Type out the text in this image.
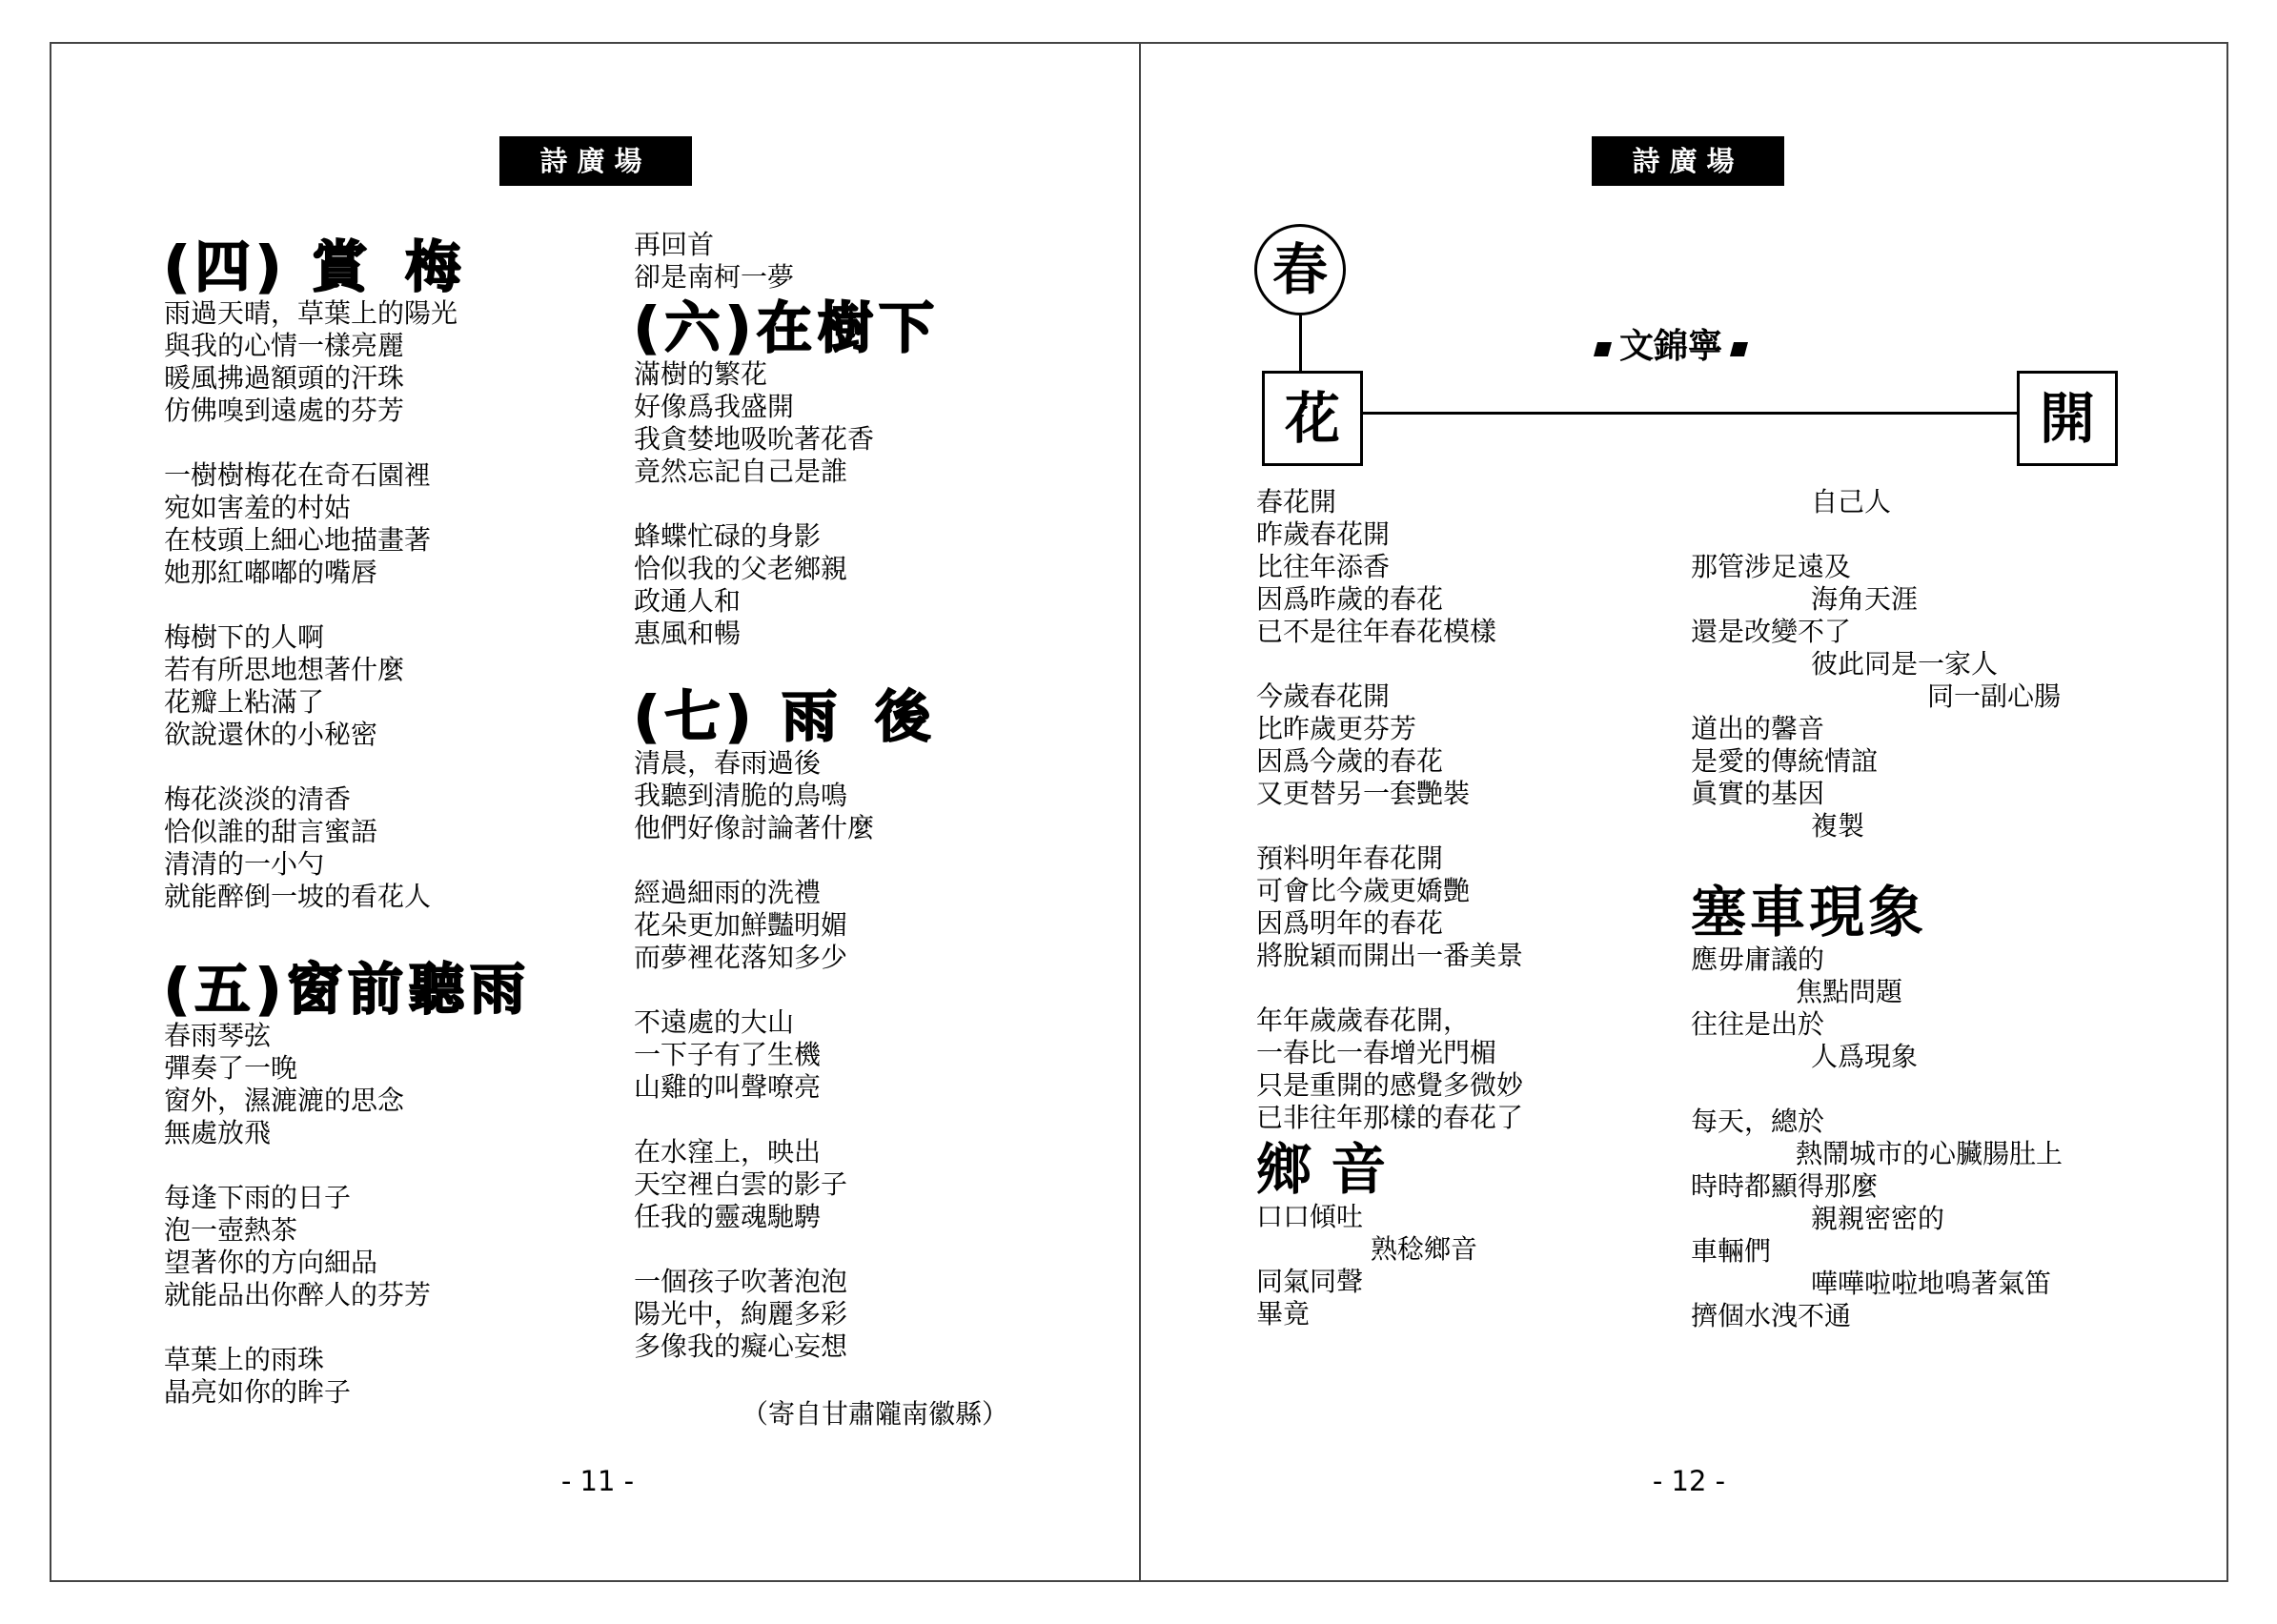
詩廣場
(四) 賞梅
雨過天晴，草葉上的陽光
與我的心情一樣亮麗
暖風拂過額頭的汗珠
仿佛嗅到遠處的芬芳
一樹樹梅花在奇石園裡
宛如害羞的村姑
在枝頭上細心地描畫著
她那紅嘟嘟的嘴唇
梅樹下的人啊
若有所思地想著什麼
花瓣上粘滿了
欲說還休的小秘密
梅花淡淡的清香
恰似誰的甜言蜜語
清清的一小勺
就能醉倒一坡的看花人
(五)窗前聽雨
春雨琴弦
彈奏了一晚
窗外，濕漉漉的思念
無處放飛
每逢下雨的日子
泡一壺熱茶
望著你的方向細品
就能品出你醉人的芬芳
草葉上的雨珠
晶亮如你的眸子
再回首
卻是南柯一夢
(六)在樹下
滿樹的繁花
好像爲我盛開
我貪婪地吸吮著花香
竟然忘記自己是誰
蜂蝶忙碌的身影
恰似我的父老鄉親
政通人和
惠風和暢
(七) 雨後
清晨，春雨過後
我聽到清脆的鳥鳴
他們好像討論著什麼
經過細雨的洗禮
花朵更加鮮豔明媚
而夢裡花落知多少
不遠處的大山
一下子有了生機
山雞的叫聲嘹亮
在水窪上，映出
天空裡白雲的影子
任我的靈魂馳騁
一個孩子吹著泡泡
陽光中，絢麗多彩
多像我的癡心妄想
（寄自甘肅隴南徽縣）
- 11 -
詩廣場
春
花	開
文錦寧
春花開
昨歲春花開
比往年添香
因爲昨歲的春花
已不是往年春花模樣
今歲春花開
比昨歲更芬芳
因爲今歲的春花
又更替另一套艷裝
預料明年春花開
可會比今歲更嬌艷
因爲明年的春花
將脫穎而開出一番美景
年年歲歲春花開，
一春比一春增光門楣
只是重開的感覺多微妙
已非往年那樣的春花了
鄉 音
口口傾吐
熟稔鄉音
同氣同聲
畢竟
自己人
那管涉足遠及
海角天涯
還是改變不了
彼此同是一家人
同一副心腸
道出的馨音
是愛的傳統情誼
眞實的基因
複製
塞車現象
應毋庸議的
焦點問題
往往是出於
人爲現象
每天，總於
熱鬧城市的心臟腸肚上
時時都顯得那麼
親親密密的
車輛們
嘩嘩啦啦地鳴著氣笛
擠個水洩不通
- 12 -
